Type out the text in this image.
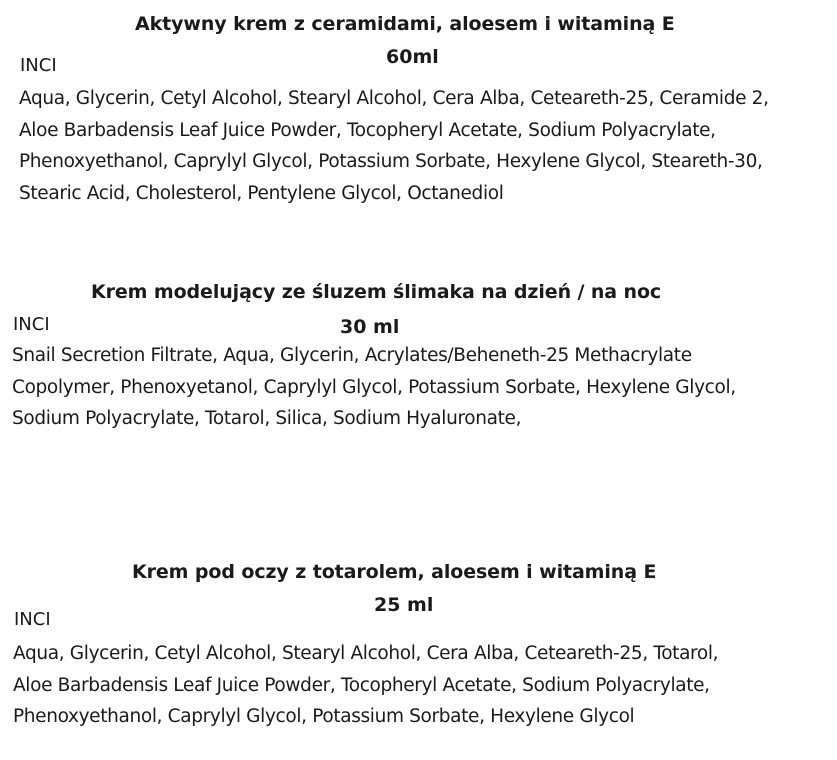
Aktywny krem z ceramidami, aloesem i witaminą E
60ml
INCI
Aqua, Glycerin, Cetyl Alcohol, Stearyl Alcohol, Cera Alba, Ceteareth-25, Ceramide 2,
Aloe Barbadensis Leaf Juice Powder, Tocopheryl Acetate, Sodium Polyacrylate,
Phenoxyethanol, Caprylyl Glycol, Potassium Sorbate, Hexylene Glycol, Steareth-30,
Stearic Acid, Cholesterol, Pentylene Glycol, Octanediol
Krem modelujący ze śluzem ślimaka na dzień / na noc
INCI	30 ml
Snail Secretion Filtrate, Aqua, Glycerin, Acrylates/Beheneth-25 Methacrylate
Copolymer, Phenoxyetanol, Caprylyl Glycol, Potassium Sorbate, Hexylene Glycol,
Sodium Polyacrylate, Totarol, Silica, Sodium Hyaluronate,
Krem pod oczy z totarolem, aloesem i witaminą E
25 ml
INCI
Aqua, Glycerin, Cetyl Alcohol, Stearyl Alcohol, Cera Alba, Ceteareth-25, Totarol,
Aloe Barbadensis Leaf Juice Powder, Tocopheryl Acetate, Sodium Polyacrylate,
Phenoxyethanol, Caprylyl Glycol, Potassium Sorbate, Hexylene Glycol
